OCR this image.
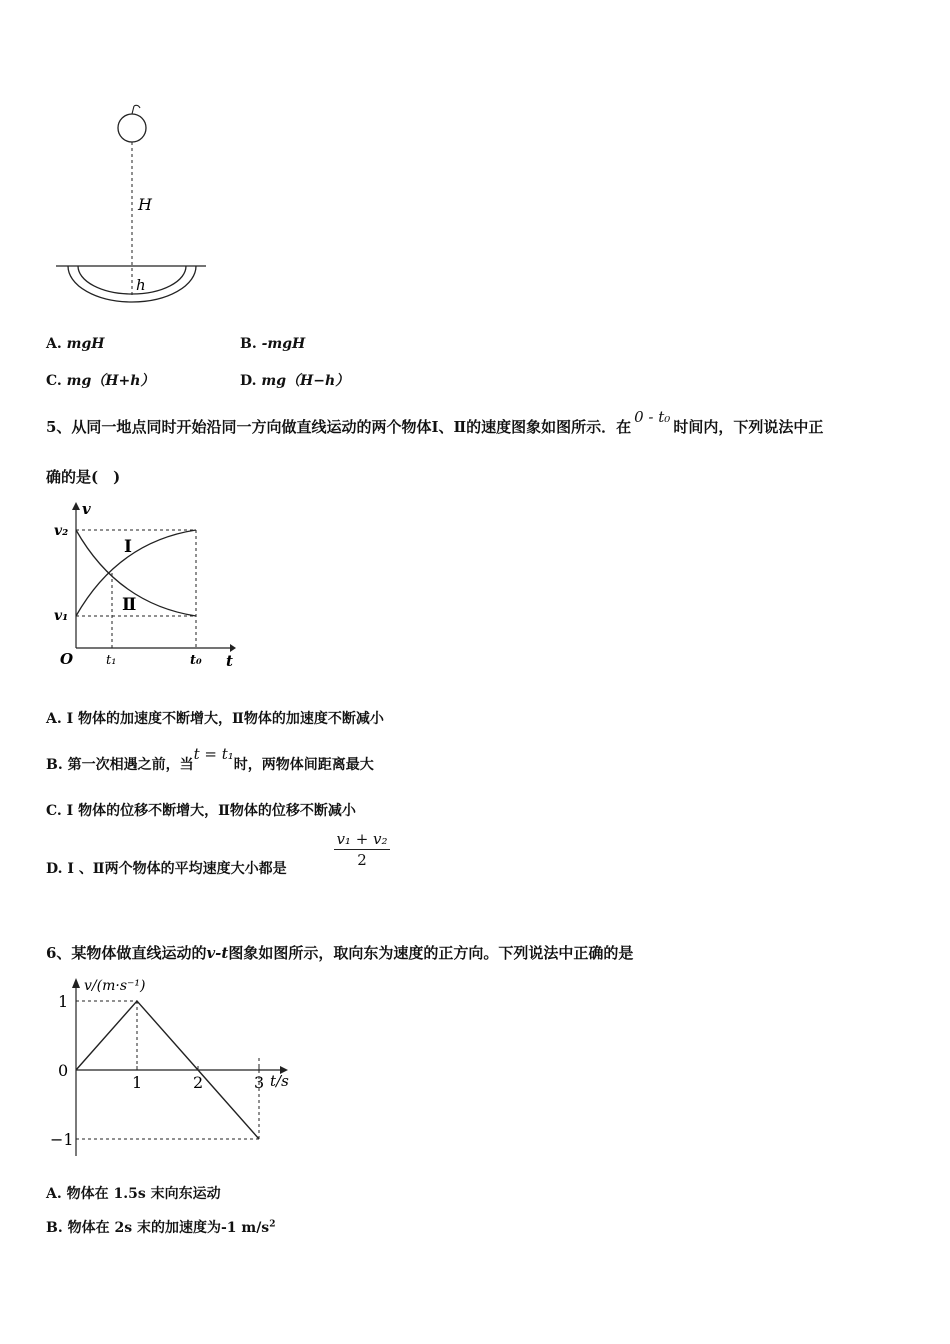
H
h
A. mgH	B. -mgH
C. mg（H+h）	D. mg（H−h）
5、从同一地点同时开始沿同一方向做直线运动的两个物体Ⅰ、Ⅱ的速度图象如图所示．在0 - t₀时间内，下列说法中正
确的是(　)
v
t
O
v₁
v₂
t₁	t₀
Ⅰ
Ⅱ
A. Ⅰ 物体的加速度不断增大，Ⅱ物体的加速度不断减小
B. 第一次相遇之前，当t = t₁时，两物体间距离最大
C. Ⅰ 物体的位移不断增大，Ⅱ物体的位移不断减小
D. Ⅰ 、Ⅱ两个物体的平均速度大小都是	$\frac{\text{v₁ + v₂}}{2}$
6、某物体做直线运动的v-t图象如图所示，取向东为速度的正方向。下列说法中正确的是
v/(m·s⁻¹)
t/s
1
0
−1
1	2	3
A. 物体在 1.5s 末向东运动
B. 物体在 2s 末的加速度为-1 $m/s^2$
